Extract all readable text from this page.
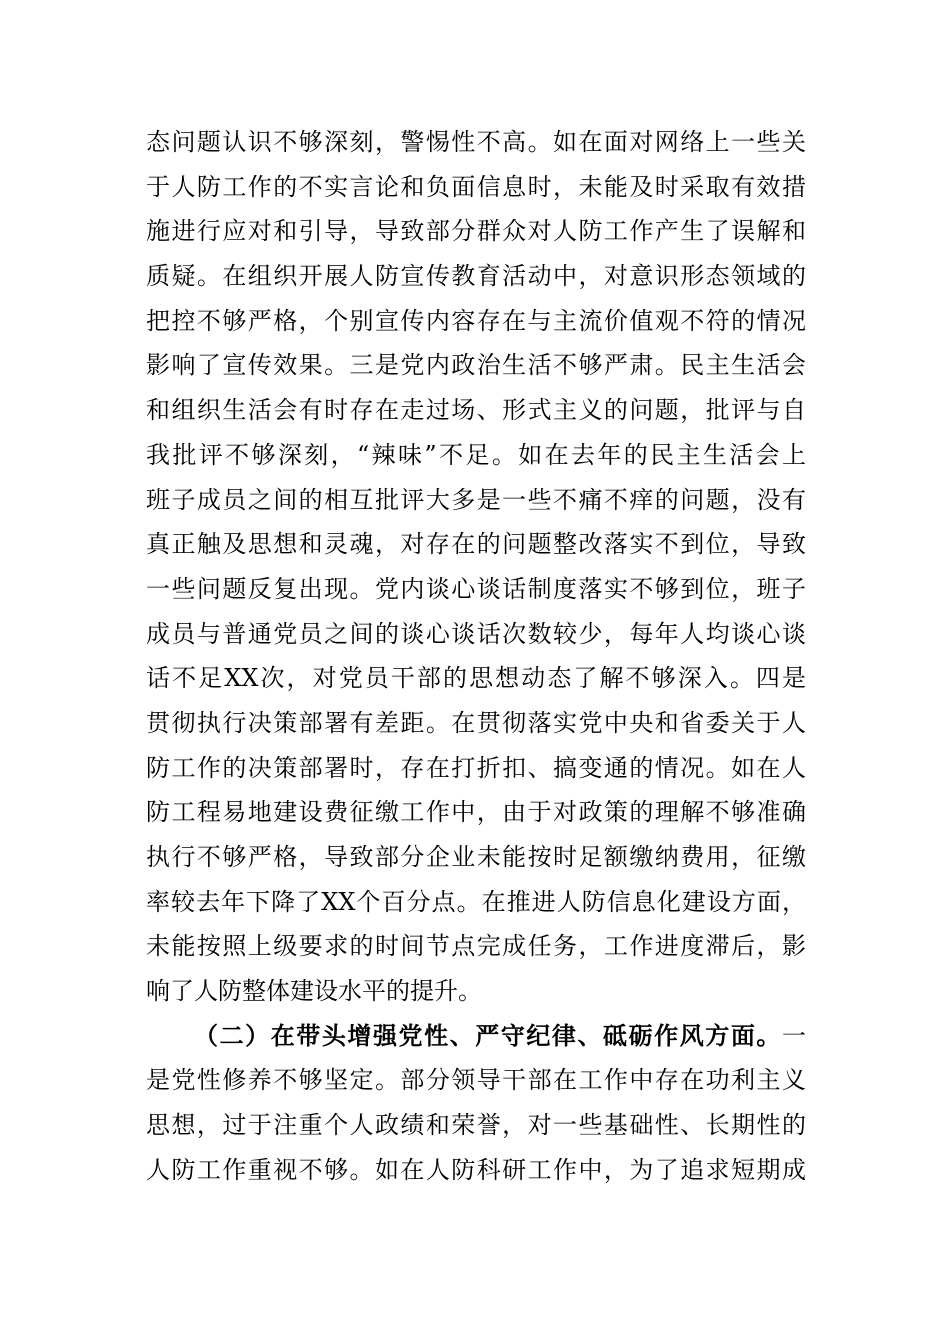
态问题认识不够深刻，警惕性不高。如在面对网络上一些关
于人防工作的不实言论和负面信息时，未能及时采取有效措
施进行应对和引导，导致部分群众对人防工作产生了误解和
质疑。在组织开展人防宣传教育活动中，对意识形态领域的
把控不够严格，个别宣传内容存在与主流价值观不符的情况
影响了宣传效果。三是党内政治生活不够严肃。民主生活会
和组织生活会有时存在走过场、形式主义的问题，批评与自
我批评不够深刻，“辣味”不足。如在去年的民主生活会上
班子成员之间的相互批评大多是一些不痛不痒的问题，没有
真正触及思想和灵魂，对存在的问题整改落实不到位，导致
一些问题反复出现。党内谈心谈话制度落实不够到位，班子
成员与普通党员之间的谈心谈话次数较少，每年人均谈心谈
话不足XX次，对党员干部的思想动态了解不够深入。四是
贯彻执行决策部署有差距。在贯彻落实党中央和省委关于人
防工作的决策部署时，存在打折扣、搞变通的情况。如在人
防工程易地建设费征缴工作中，由于对政策的理解不够准确
执行不够严格，导致部分企业未能按时足额缴纳费用，征缴
率较去年下降了XX个百分点。在推进人防信息化建设方面，
未能按照上级要求的时间节点完成任务，工作进度滞后，影
响了人防整体建设水平的提升。
（二）在带头增强党性、严守纪律、砥砺作风方面。一
是党性修养不够坚定。部分领导干部在工作中存在功利主义
思想，过于注重个人政绩和荣誉，对一些基础性、长期性的
人防工作重视不够。如在人防科研工作中，为了追求短期成
